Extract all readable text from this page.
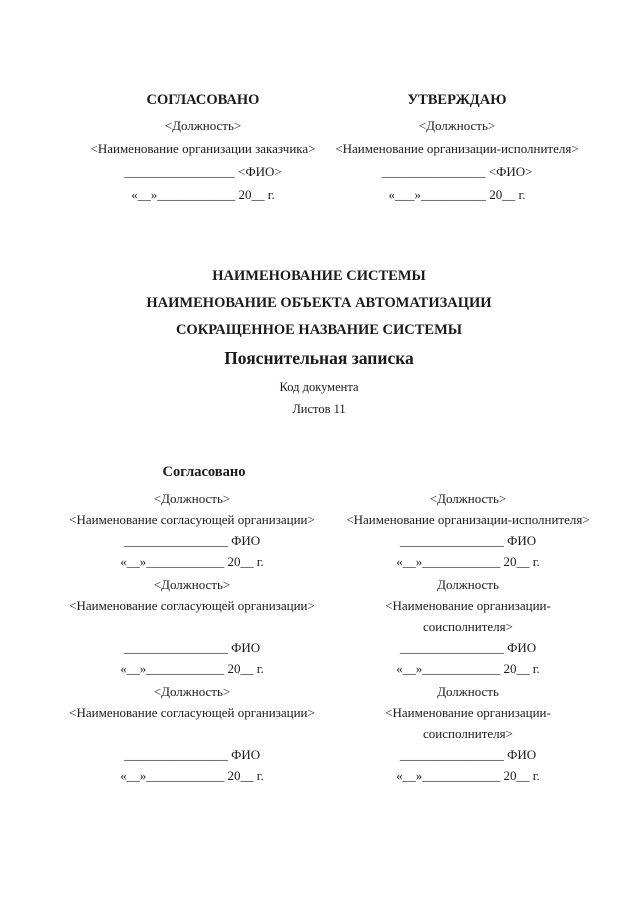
СОГЛАСОВАНО
<Должность>
<Наименование организации заказчика>
_________________ <ФИО>
«__»____________ 20__ г.
УТВЕРЖДАЮ
<Должность>
<Наименование организации-исполнителя>
________________ <ФИО>
«___»__________ 20__ г.
НАИМЕНОВАНИЕ СИСТЕМЫ
НАИМЕНОВАНИЕ ОБЪЕКТА АВТОМАТИЗАЦИИ
СОКРАЩЕННОЕ НАЗВАНИЕ СИСТЕМЫ
Пояснительная записка
Код документа
Листов 11
Согласовано
<Должность>
<Наименование согласующей организации>
________________ ФИО
«__»____________ 20__ г.
<Должность>
<Наименование организации-исполнителя>
________________ ФИО
«__»____________ 20__ г.
<Должность>
<Наименование согласующей организации>
________________ ФИО
«__»____________ 20__ г.
Должность
<Наименование организации-
соисполнителя>
________________ ФИО
«__»____________ 20__ г.
<Должность>
<Наименование согласующей организации>
________________ ФИО
«__»____________ 20__ г.
Должность
<Наименование организации-
соисполнителя>
________________ ФИО
«__»____________ 20__ г.
